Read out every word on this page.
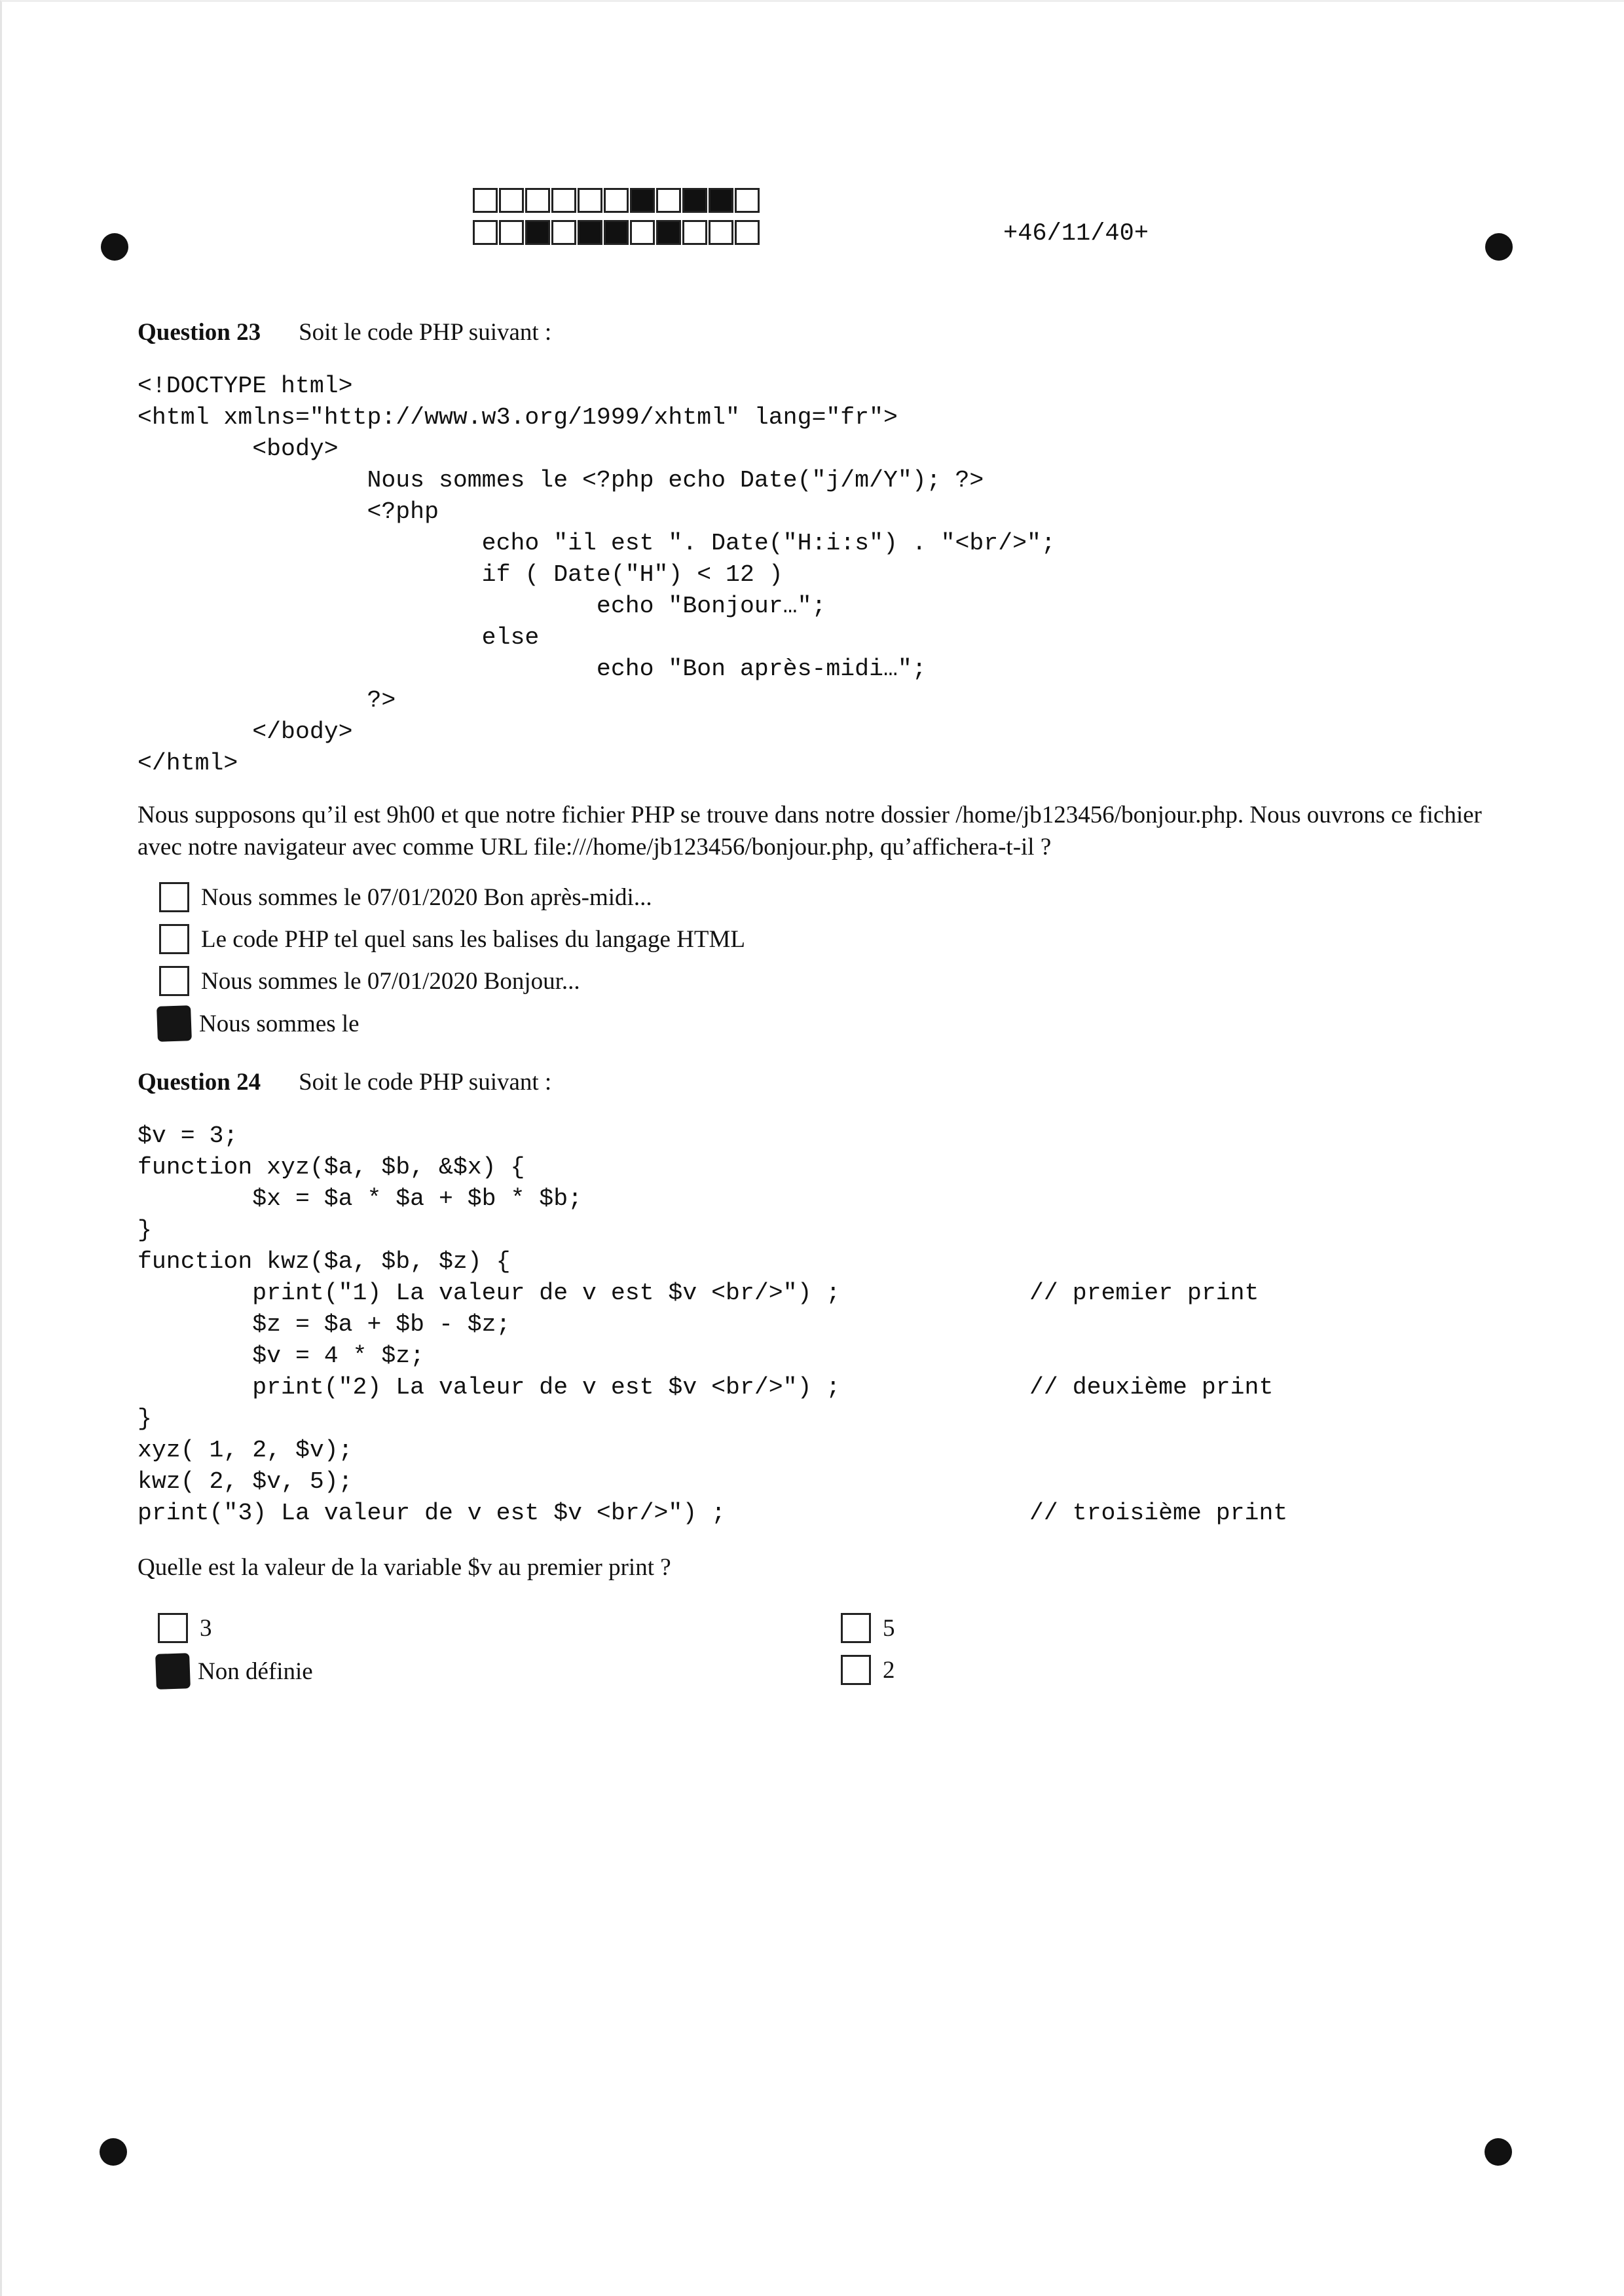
+46/11/40+
Question 23 Soit le code PHP suivant :
<!DOCTYPE html>
<html xmlns="http://www.w3.org/1999/xhtml" lang="fr">
<body>
Nous sommes le <?php echo Date("j/m/Y"); ?>
<?php
echo "il est ". Date("H:i:s") . "<br/>";
if ( Date("H") < 12 )
echo "Bonjour…";
else
echo "Bon après-midi…";
?>
</body>
</html>
Nous supposons qu’il est 9h00 et que notre fichier PHP se trouve dans notre dossier /home/jb123456/bonjour.php. Nous ouvrons ce fichier avec notre navigateur avec comme URL file:///home/jb123456/bonjour.php, qu’affichera-t-il ?
Nous sommes le 07/01/2020 Bon après-midi...
Le code PHP tel quel sans les balises du langage HTML
Nous sommes le 07/01/2020 Bonjour...
Nous sommes le
Question 24 Soit le code PHP suivant :
$v = 3;
function xyz($a, $b, &$x) {
$x = $a * $a + $b * $b;
}
function kwz($a, $b, $z) {
print("1) La valeur de v est $v <br/>") ;
$z = $a + $b - $z;
$v = 4 * $z;
print("2) La valeur de v est $v <br/>") ;
}
xyz( 1, 2, $v);
kwz( 2, $v, 5);
print("3) La valeur de v est $v <br/>") ;
// premier print
// deuxième print
// troisième print
Quelle est la valeur de la variable $v au premier print ?
3	5
Non définie	2
